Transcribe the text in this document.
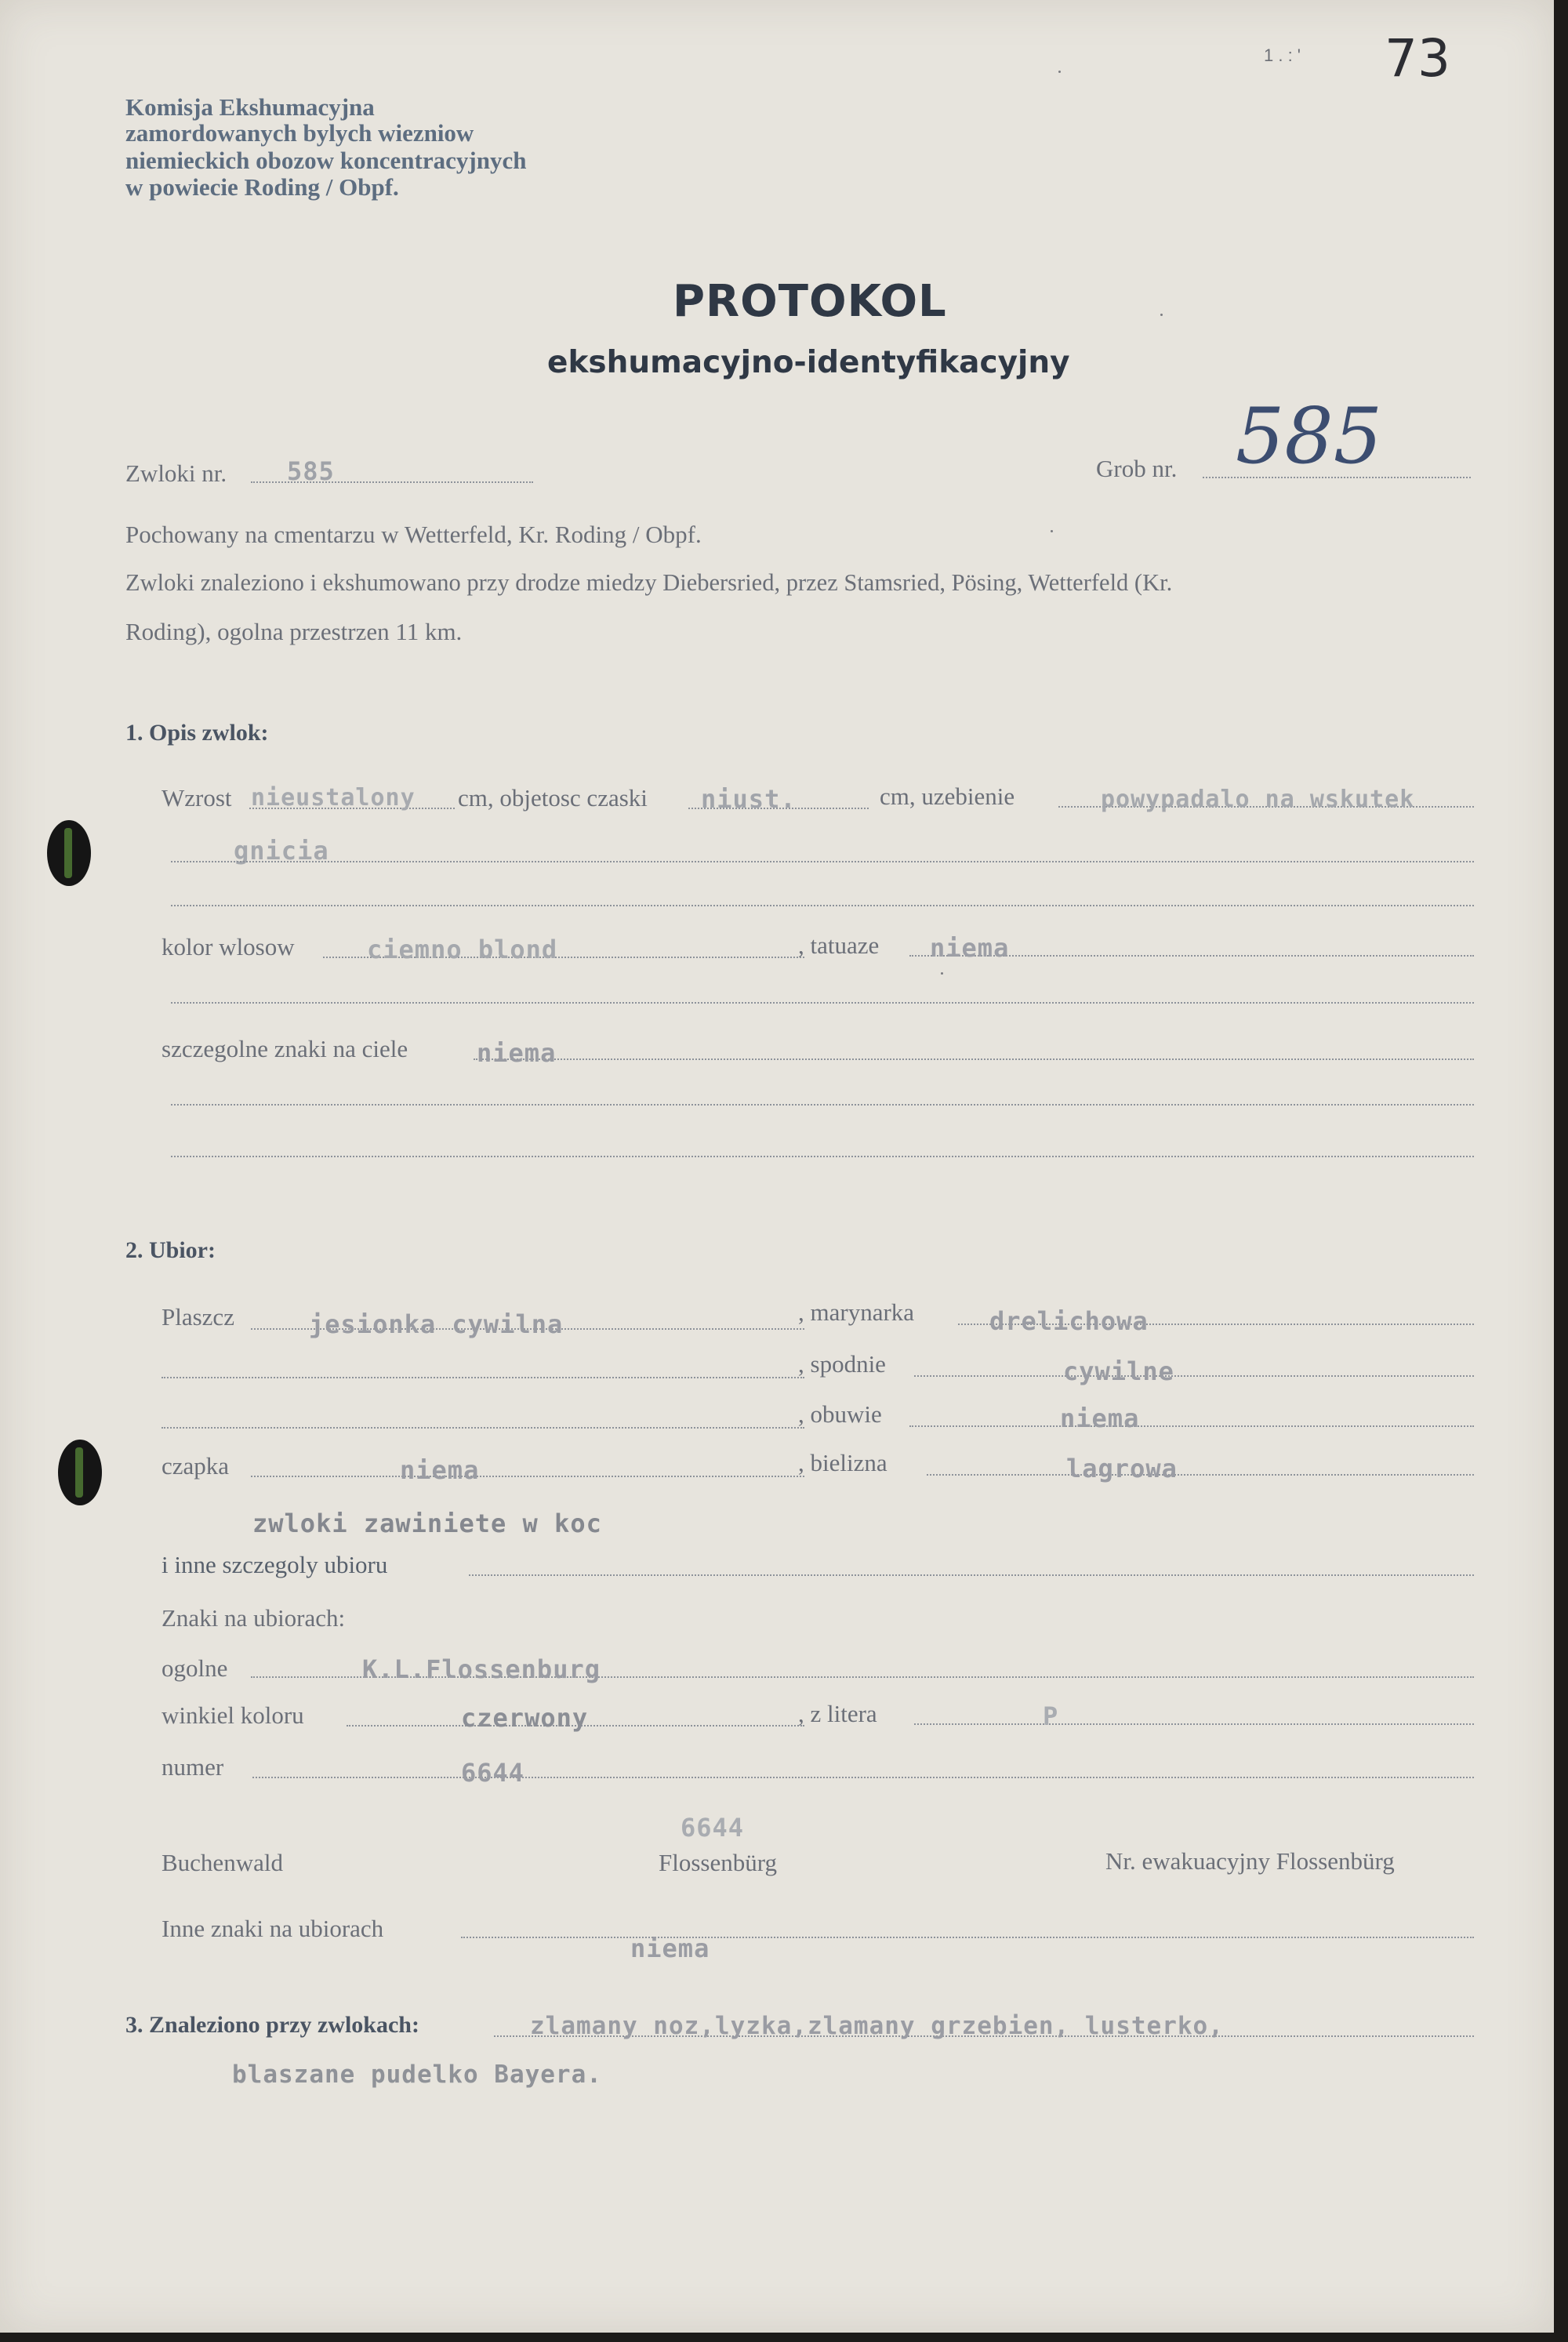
1 . : ' 73
Komisja Ekshumacyjna
zamordowanych bylych wiezniow
niemieckich obozow koncentracyjnych
w powiecie Roding / Obpf.
PROTOKOL
ekshumacyjno-identyfikacyjny
Zwloki nr. 585	Grob nr. 585
Pochowany na cmentarzu w Wetterfeld, Kr. Roding / Obpf.
Zwloki znaleziono i ekshumowano przy drodze miedzy Diebersried, przez Stamsried, Pösing, Wetterfeld (Kr.
Roding), ogolna przestrzen 11 km.
1. Opis zwlok:
Wzrost nieustalony cm, objetosc czaski niust.	cm, uzebienie	powypadalo na wskutek
gnicia
kolor wlosow	ciemno blond	, tatuaze niema
szczegolne znaki na ciele	niema
2. Ubior:
Plaszcz	jesionka cywilna	, marynarka	drelichowa
, spodnie	cywilne
, obuwie	niema
czapka	niema	, bielizna	lagrowa
zwloki zawiniete w koc
i inne szczegoly ubioru
Znaki na ubiorach:
ogolne	K.L.Flossenburg
winkiel koloru	czerwony	, z litera	P
numer	6644
6644
Buchenwald	Flossenbürg	Nr. ewakuacyjny Flossenbürg
Inne znaki na ubiorach
niema
3. Znaleziono przy zwlokach:	zlamany noz,lyzka,zlamany grzebien, lusterko,
blaszane pudelko Bayera.
